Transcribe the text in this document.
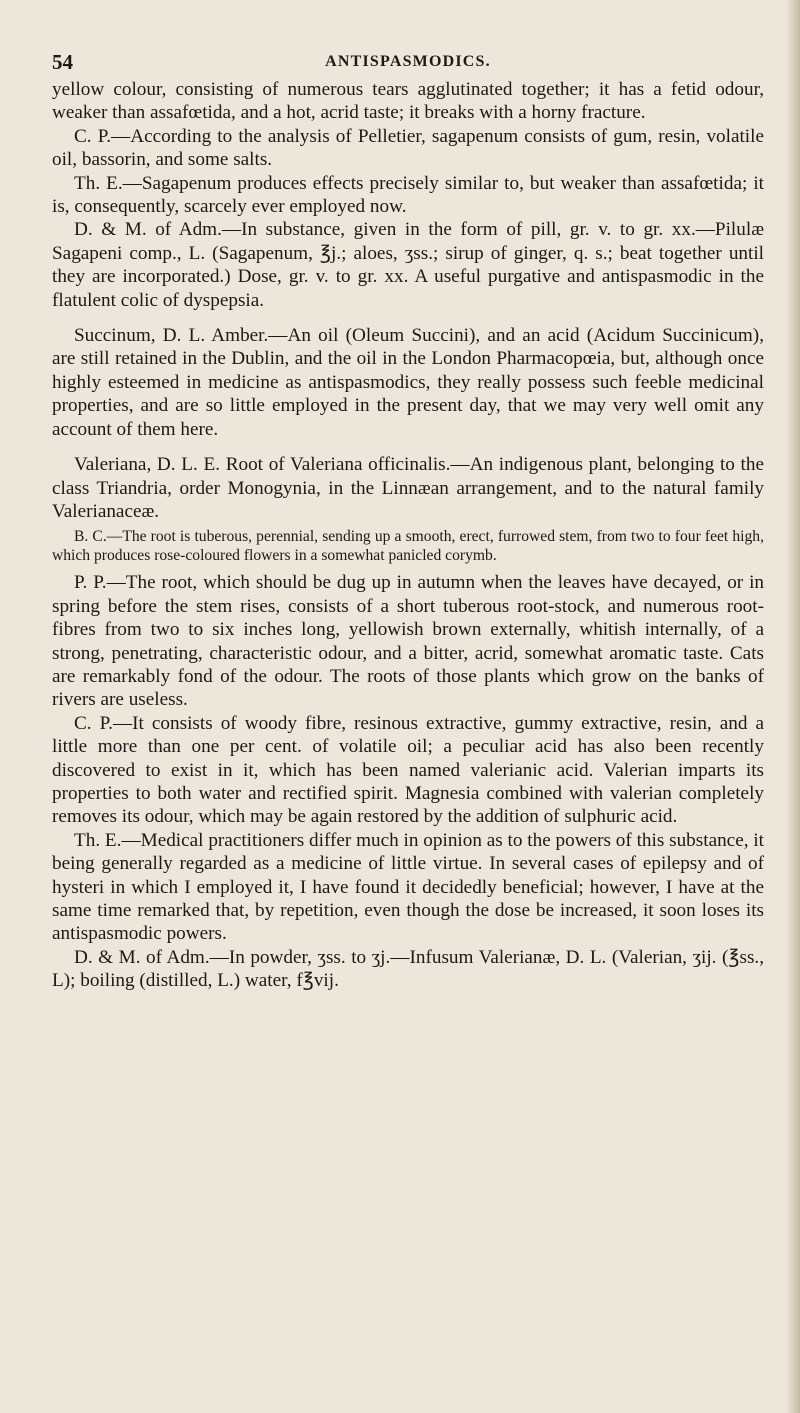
54	ANTISPASMODICS.

yellow colour, consisting of numerous tears agglutinated together; it has a fetid odour, weaker than assafœtida, and a hot, acrid taste; it breaks with a horny fracture.

C. P.—According to the analysis of Pelletier, sagapenum consists of gum, resin, volatile oil, bassorin, and some salts.

Th. E.—Sagapenum produces effects precisely similar to, but weaker than assafœtida; it is, consequently, scarcely ever employed now.

D. & M. of Adm.—In substance, given in the form of pill, gr. v. to gr. xx.—Pilulæ Sagapeni comp., L. (Sagapenum, ℥j.; aloes, ʒss.; sirup of ginger, q. s.; beat together until they are incorporated.) Dose, gr. v. to gr. xx. A useful purgative and antispasmodic in the flatulent colic of dyspepsia.

Succinum, D. L. Amber.—An oil (Oleum Succini), and an acid (Acidum Succinicum), are still retained in the Dublin, and the oil in the London Pharmacopœia, but, although once highly esteemed in medicine as antispasmodics, they really possess such feeble medicinal properties, and are so little employed in the present day, that we may very well omit any account of them here.

Valeriana, D. L. E. Root of Valeriana officinalis.—An indigenous plant, belonging to the class Triandria, order Monogynia, in the Linnæan arrangement, and to the natural family Valerianaceæ.

B. C.—The root is tuberous, perennial, sending up a smooth, erect, furrowed stem, from two to four feet high, which produces rose-coloured flowers in a somewhat panicled corymb.

P. P.—The root, which should be dug up in autumn when the leaves have decayed, or in spring before the stem rises, consists of a short tuberous root-stock, and numerous root-fibres from two to six inches long, yellowish brown externally, whitish internally, of a strong, penetrating, characteristic odour, and a bitter, acrid, somewhat aromatic taste. Cats are remarkably fond of the odour. The roots of those plants which grow on the banks of rivers are useless.

C. P.—It consists of woody fibre, resinous extractive, gummy extractive, resin, and a little more than one per cent. of volatile oil; a peculiar acid has also been recently discovered to exist in it, which has been named valerianic acid. Valerian imparts its properties to both water and rectified spirit. Magnesia combined with valerian completely removes its odour, which may be again restored by the addition of sulphuric acid.

Th. E.—Medical practitioners differ much in opinion as to the powers of this substance, it being generally regarded as a medicine of little virtue. In several cases of epilepsy and of hysteri in which I employed it, I have found it decidedly beneficial; however, I have at the same time remarked that, by repetition, even though the dose be increased, it soon loses its antispasmodic powers.

D. & M. of Adm.—In powder, ʒss. to ʒj.—Infusum Valerianæ, D. L. (Valerian, ʒij. (℥ss., L); boiling (distilled, L.) water, f℥vij.
